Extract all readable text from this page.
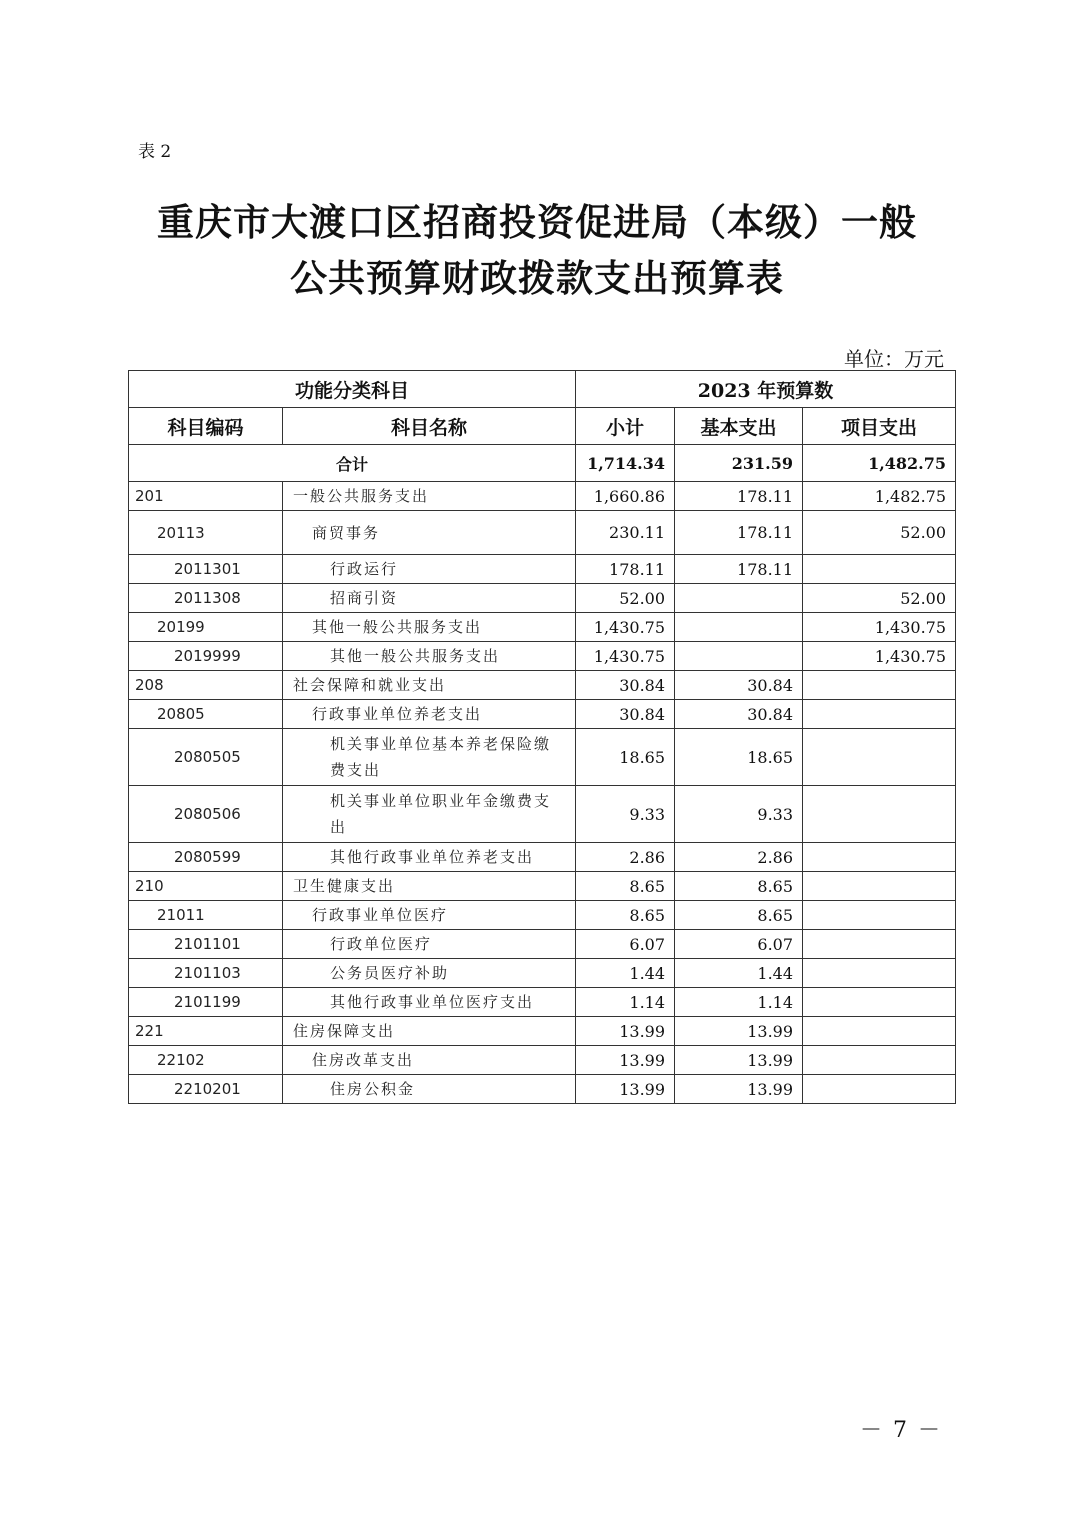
表 2
重庆市大渡口区招商投资促进局（本级）一般
公共预算财政拨款支出预算表
单位：万元
功能分类科目		2023 年预算数		
科目编码	科目名称	小计	基本支出	项目支出
合计		1,714.34	231.59	1,482.75
201	一般公共服务支出	1,660.86	178.11	1,482.75
20113	商贸事务	230.11	178.11	52.00
2011301	行政运行	178.11	178.11	
2011308	招商引资	52.00		52.00
20199	其他一般公共服务支出	1,430.75		1,430.75
2019999	其他一般公共服务支出	1,430.75		1,430.75
208	社会保障和就业支出	30.84	30.84	
20805	行政事业单位养老支出	30.84	30.84	
2080505	机关事业单位基本养老保险缴费支出	18.65	18.65	
2080506	机关事业单位职业年金缴费支出	9.33	9.33	
2080599	其他行政事业单位养老支出	2.86	2.86	
210	卫生健康支出	8.65	8.65	
21011	行政事业单位医疗	8.65	8.65	
2101101	行政单位医疗	6.07	6.07	
2101103	公务员医疗补助	1.44	1.44	
2101199	其他行政事业单位医疗支出	1.14	1.14	
221	住房保障支出	13.99	13.99	
22102	住房改革支出	13.99	13.99	
2210201	住房公积金	13.99	13.99	
－ 7 －
